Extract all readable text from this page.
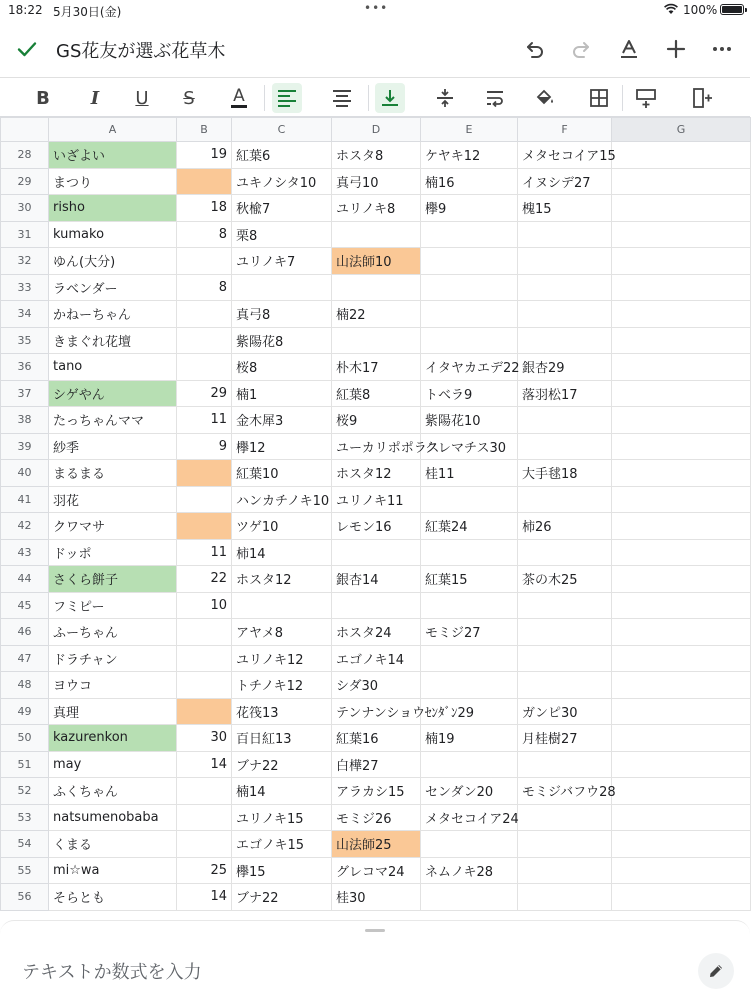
18:22 5月30日(金)	•••	100%
GS花友が選ぶ花草木
B I U S A
	A	B	C	D	E	F	G
28	いざよい	19	紅葉6	ホスタ8	ケヤキ12	メタセコイア15	
29	まつり		ユキノシタ10	真弓10	楠16	イヌシデ27	
30	risho	18	秋楡7	ユリノキ8	欅9	槐15	
31	kumako	8	栗8				
32	ゆん(大分)		ユリノキ7	山法師10			
33	ラベンダー	8					
34	かねーちゃん		真弓8	楠22			
35	きまぐれ花壇		紫陽花8				
36	tano		桜8	朴木17	イタヤカエデ22	銀杏29	
37	シゲやん	29	楠1	紅葉8	トベラ9	落羽松17	
38	たっちゃんママ	11	金木犀3	桜9	紫陽花10		
39	紗季	9	欅12	ユーカリポポラス	クレマチス30		
40	まるまる		紅葉10	ホスタ12	桂11	大手毬18	
41	羽花		ハンカチノキ10	ユリノキ11			
42	クワマサ		ツゲ10	レモン16	紅葉24	柿26	
43	ドッポ	11	柿14				
44	さくら餅子	22	ホスタ12	銀杏14	紅葉15	茶の木25	
45	フミピー	10					
46	ふーちゃん		アヤメ8	ホスタ24	モミジ27		
47	ドラチャン		ユリノキ12	エゴノキ14			
48	ヨウコ		トチノキ12	シダ30			
49	真理		花筏13	テンナンショウ	ｾﾝﾀﾞﾝ29	ガンピ30	
50	kazurenkon	30	百日紅13	紅葉16	楠19	月桂樹27	
51	may	14	ブナ22	白樺27			
52	ふくちゃん		楠14	アラカシ15	センダン20	モミジバフウ28	
53	natsumenobaba		ユリノキ15	モミジ26	メタセコイア24		
54	くまる		エゴノキ15	山法師25			
55	mi☆wa	25	欅15	グレコマ24	ネムノキ28		
56	そらとも	14	ブナ22	桂30			
テキストか数式を入力
